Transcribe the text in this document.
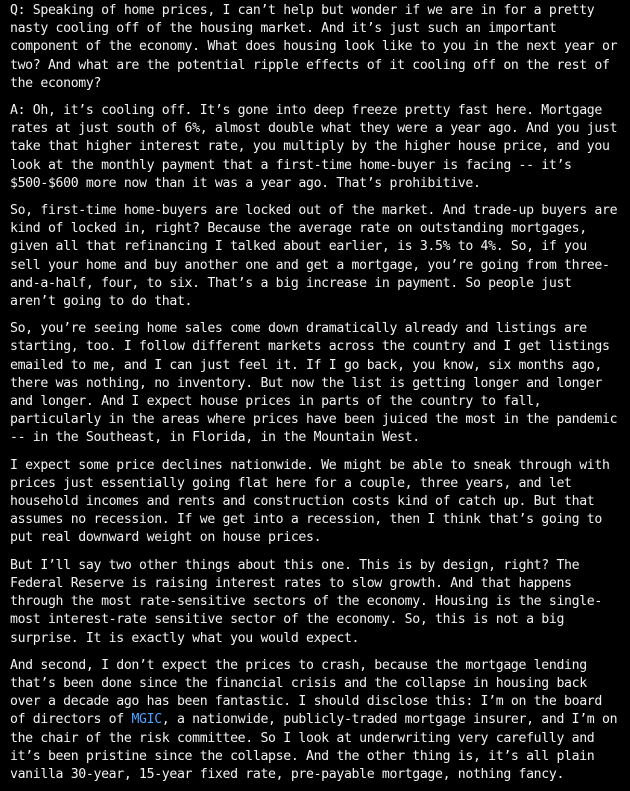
Q: Speaking of home prices, I can’t help but wonder if we are in for a pretty nasty cooling off of the housing market. And it’s just such an important component of the economy. What does housing look like to you in the next year or two? And what are the potential ripple effects of it cooling off on the rest of the economy?

A: Oh, it’s cooling off. It’s gone into deep freeze pretty fast here. Mortgage rates at just south of 6%, almost double what they were a year ago. And you just take that higher interest rate, you multiply by the higher house price, and you look at the monthly payment that a first-time home-buyer is facing -- it’s $500-$600 more now than it was a year ago. That’s prohibitive.

So, first-time home-buyers are locked out of the market. And trade-up buyers are kind of locked in, right? Because the average rate on outstanding mortgages, given all that refinancing I talked about earlier, is 3.5% to 4%. So, if you sell your home and buy another one and get a mortgage, you’re going from three-and-a-half, four, to six. That’s a big increase in payment. So people just aren’t going to do that.

So, you’re seeing home sales come down dramatically already and listings are starting, too. I follow different markets across the country and I get listings emailed to me, and I can just feel it. If I go back, you know, six months ago, there was nothing, no inventory. But now the list is getting longer and longer and longer. And I expect house prices in parts of the country to fall, particularly in the areas where prices have been juiced the most in the pandemic -- in the Southeast, in Florida, in the Mountain West.

I expect some price declines nationwide. We might be able to sneak through with prices just essentially going flat here for a couple, three years, and let household incomes and rents and construction costs kind of catch up. But that assumes no recession. If we get into a recession, then I think that’s going to put real downward weight on house prices.

But I’ll say two other things about this one. This is by design, right? The Federal Reserve is raising interest rates to slow growth. And that happens through the most rate-sensitive sectors of the economy. Housing is the single-most interest-rate sensitive sector of the economy. So, this is not a big surprise. It is exactly what you would expect.

And second, I don’t expect the prices to crash, because the mortgage lending that’s been done since the financial crisis and the collapse in housing back over a decade ago has been fantastic. I should disclose this: I’m on the board of directors of MGIC, a nationwide, publicly-traded mortgage insurer, and I’m on the chair of the risk committee. So I look at underwriting very carefully and it’s been pristine since the collapse. And the other thing is, it’s all plain vanilla 30-year, 15-year fixed rate, pre-payable mortgage, nothing fancy.
